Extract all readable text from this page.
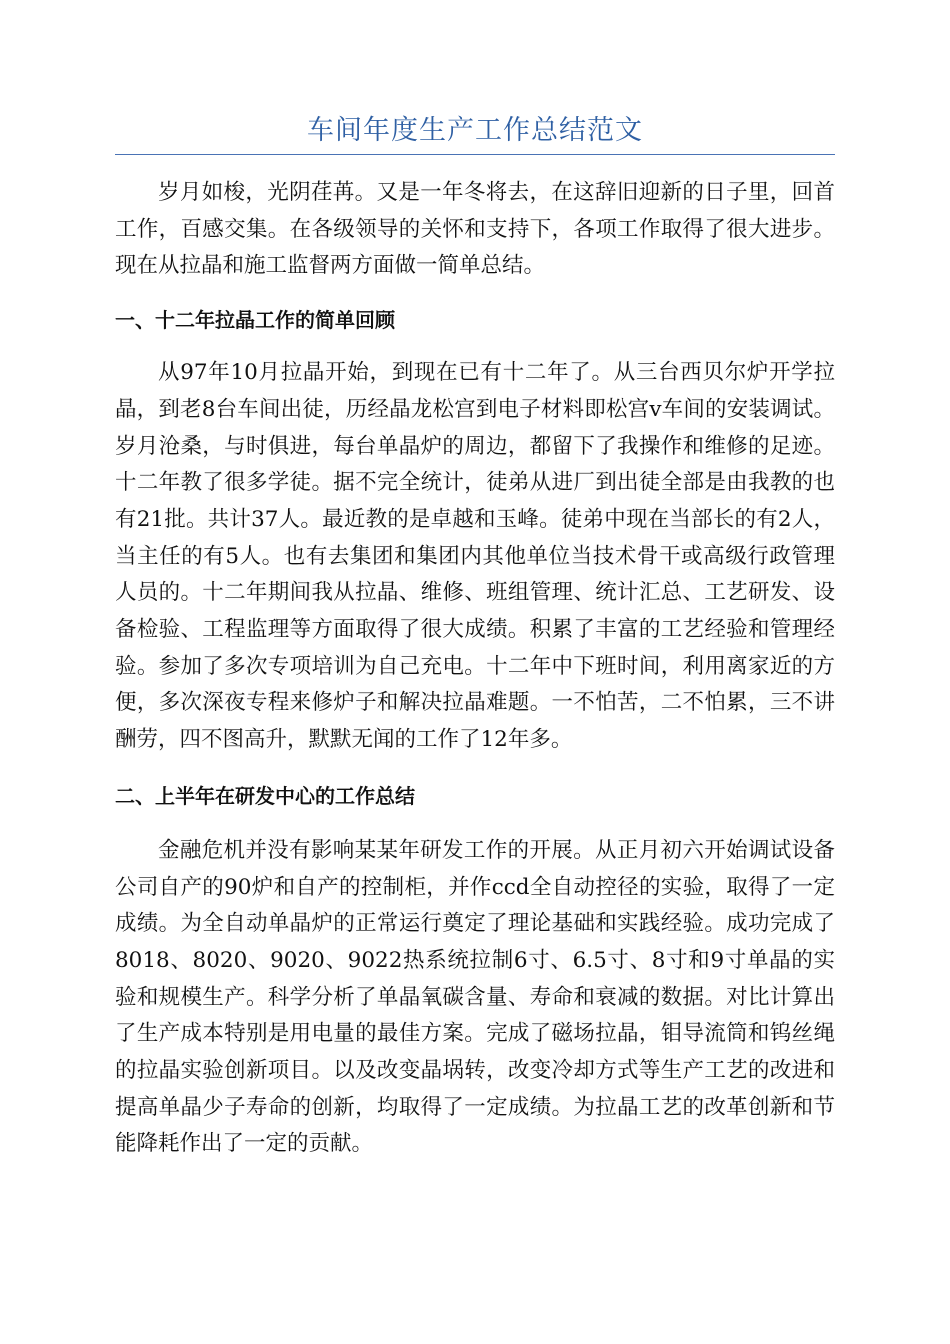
车间年度生产工作总结范文

岁月如梭，光阴荏苒。又是一年冬将去，在这辞旧迎新的日子里，回首工作，百感交集。在各级领导的关怀和支持下，各项工作取得了很大进步。现在从拉晶和施工监督两方面做一简单总结。

一、十二年拉晶工作的简单回顾

从97年10月拉晶开始，到现在已有十二年了。从三台西贝尔炉开学拉晶，到老8台车间出徒，历经晶龙松宫到电子材料即松宫v车间的安装调试。岁月沧桑，与时俱进，每台单晶炉的周边，都留下了我操作和维修的足迹。十二年教了很多学徒。据不完全统计，徒弟从进厂到出徒全部是由我教的也有21批。共计37人。最近教的是卓越和玉峰。徒弟中现在当部长的有2人，当主任的有5人。也有去集团和集团内其他单位当技术骨干或高级行政管理人员的。十二年期间我从拉晶、维修、班组管理、统计汇总、工艺研发、设备检验、工程监理等方面取得了很大成绩。积累了丰富的工艺经验和管理经验。参加了多次专项培训为自己充电。十二年中下班时间，利用离家近的方便，多次深夜专程来修炉子和解决拉晶难题。一不怕苦，二不怕累，三不讲酬劳，四不图高升，默默无闻的工作了12年多。

二、上半年在研发中心的工作总结

金融危机并没有影响某某年研发工作的开展。从正月初六开始调试设备公司自产的90炉和自产的控制柜，并作ccd全自动控径的实验，取得了一定成绩。为全自动单晶炉的正常运行奠定了理论基础和实践经验。成功完成了8018、8020、9020、9022热系统拉制6寸、6.5寸、8寸和9寸单晶的实验和规模生产。科学分析了单晶氧碳含量、寿命和衰减的数据。对比计算出了生产成本特别是用电量的最佳方案。完成了磁场拉晶，钼导流筒和钨丝绳的拉晶实验创新项目。以及改变晶埚转，改变冷却方式等生产工艺的改进和提高单晶少子寿命的创新，均取得了一定成绩。为拉晶工艺的改革创新和节能降耗作出了一定的贡献。
